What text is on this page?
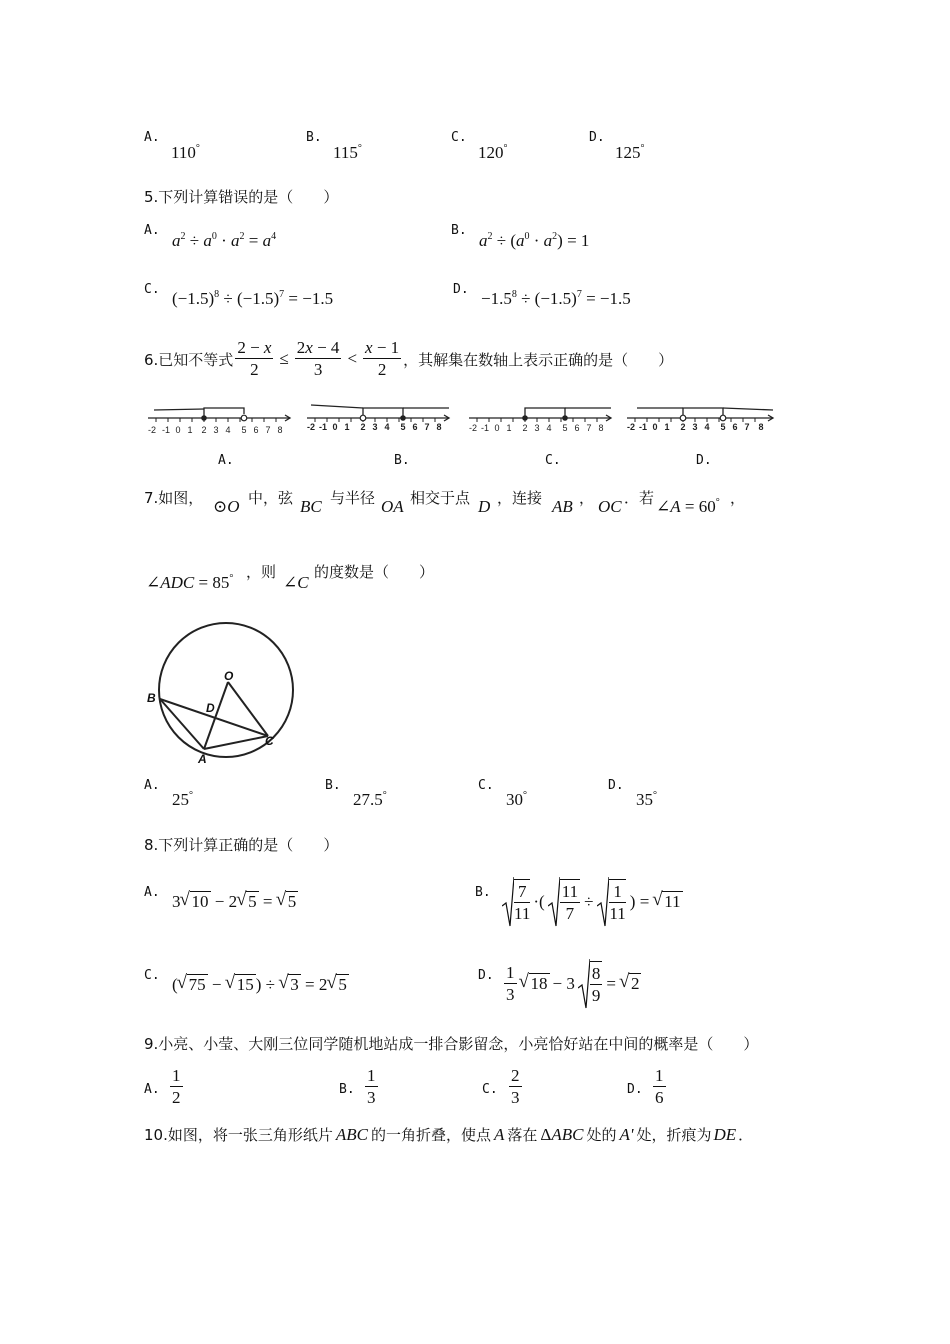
A.
110°
B.
115°
C.
120°
D.
125°
5.下列计算错误的是（　　）
A.
$a^2 \div a^0 \cdot a^2 = a^4$	B.
$a^2 \div (a^0 \cdot a^2) = 1$
C. $(-1.5)^8 \div (-1.5)^7 = -1.5$	D. $-1.5^8 \div (-1.5)^7 = -1.5$
6.已知不等式 $\frac{2 - x}{2} \le \frac{2x - 4}{3} < \frac{x - 1}{2}$ ，其解集在数轴上表示正确的是（　　）
-2 -1 0 1 2 3 4 5 6 7 8	-2 -1 0 1 2 3 4 5 6 7 8	-2 -1 0 1 2 3 4 5 6 7 8	-2 -1 0 1 2 3 4 5 6 7 8
A.	B.	C.	D.
7.如图， ⊙O 中，弦 BC 与半径 OA 相交于点 D ，连接 AB ， OC ．若 ∠A = 60° ，
∠ADC = 85° ，则
∠C
的度数是（　　）
B
O
D
A
C
A.
25°
B.
27.5°
C.
30°
D.
35°
8.下列计算正确的是（　　）
A. 3 √ 10 − 2 √ 5 = √ 5	B. $\frac{7}{11}$ ·( $\frac{11}{7} \div \frac{1}{11}$ ) = √ 11
C. ( √ 75 − √ 15 ) ÷ √ 3 = 2 √ 5	D. $\frac{1}{3}$ √ $18 - 3 \frac{8}{9}$ = √ 2
9.小亮、小莹、大刚三位同学随机地站成一排合影留念，小亮恰好站在中间的概率是（　　）
A. $\frac{1}{2}$	B. $\frac{1}{3}$	C. $\frac{2}{3}$	D. $\frac{1}{6}$
10.如图，将一张三角形纸片 ABC 的一角折叠，使点 A 落在 ΔABC 处的 A' 处，折痕为 DE ．
